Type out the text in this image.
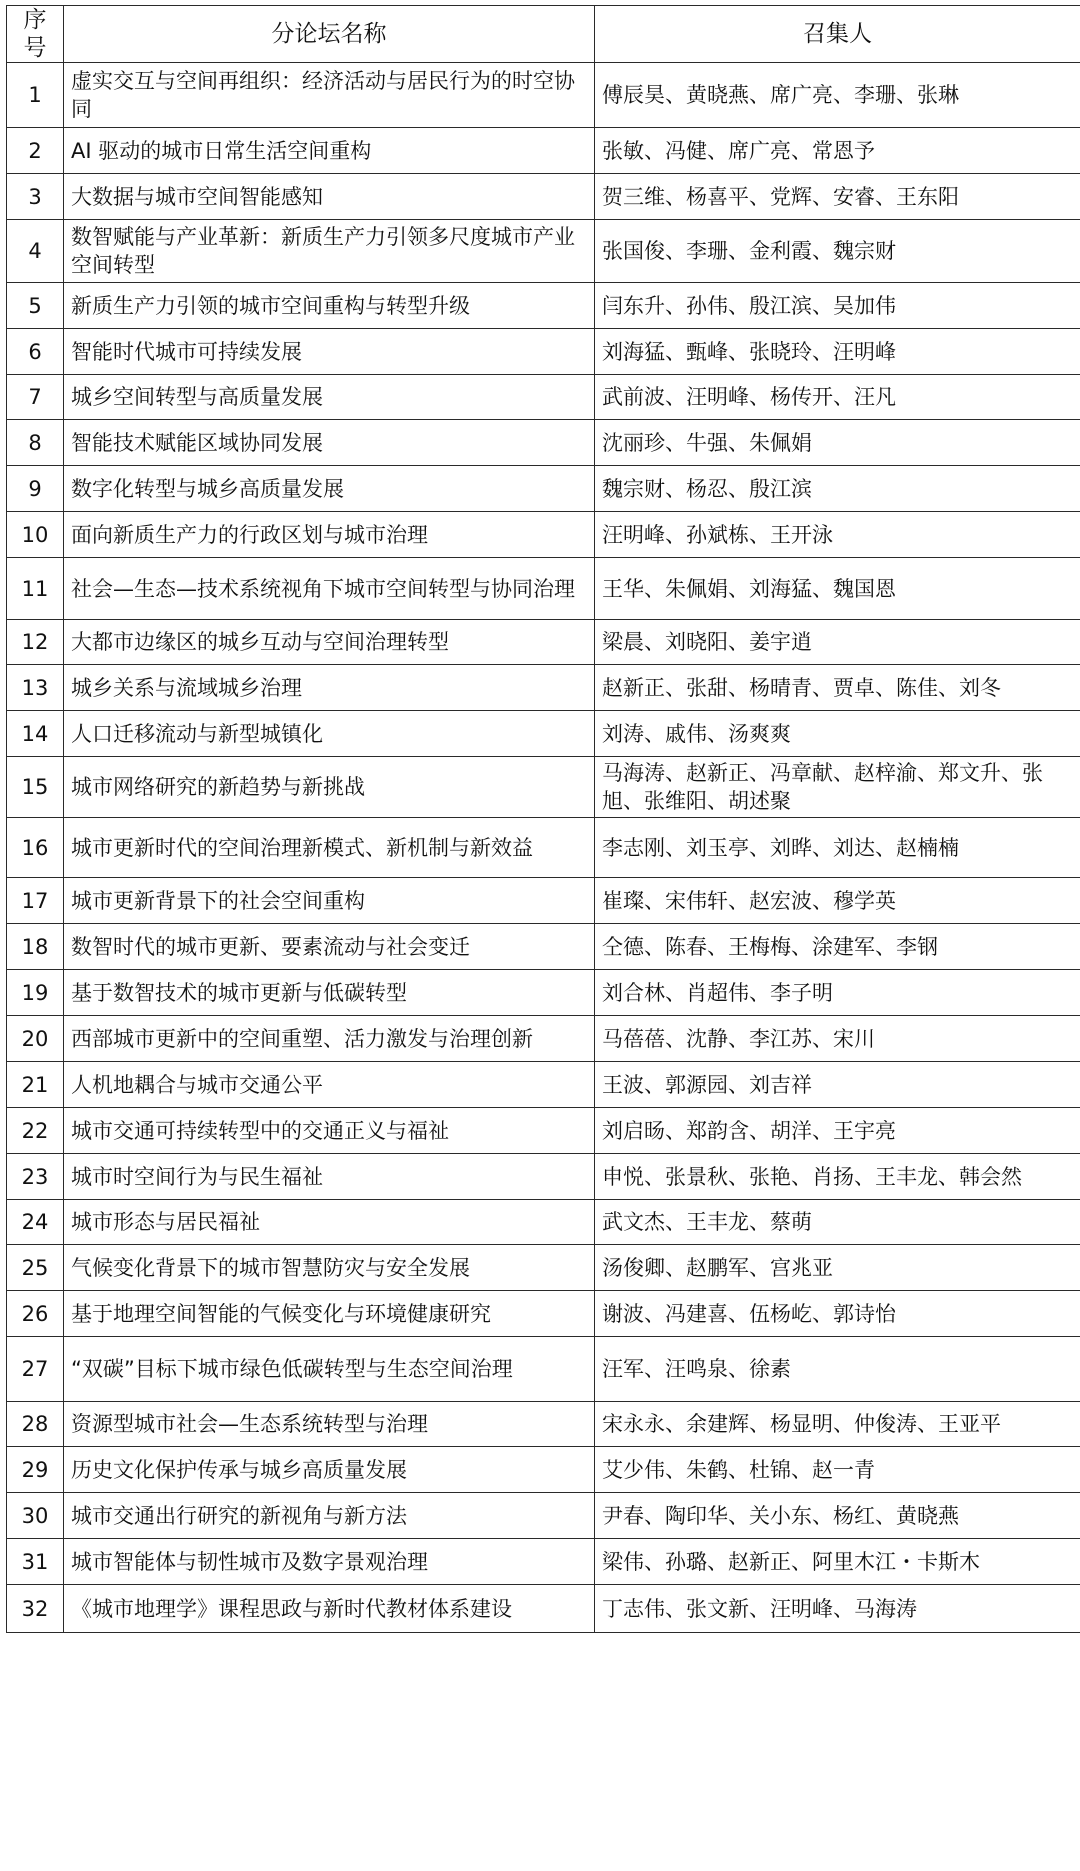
序号	分论坛名称	召集人
1	虚实交互与空间再组织：经济活动与居民行为的时空协同	傅辰昊、黄晓燕、席广亮、李珊、张琳
2	AI 驱动的城市日常生活空间重构	张敏、冯健、席广亮、常恩予
3	大数据与城市空间智能感知	贺三维、杨喜平、党辉、安睿、王东阳
4	数智赋能与产业革新：新质生产力引领多尺度城市产业空间转型	张国俊、李珊、金利霞、魏宗财
5	新质生产力引领的城市空间重构与转型升级	闫东升、孙伟、殷江滨、吴加伟
6	智能时代城市可持续发展	刘海猛、甄峰、张晓玲、汪明峰
7	城乡空间转型与高质量发展	武前波、汪明峰、杨传开、汪凡
8	智能技术赋能区域协同发展	沈丽珍、牛强、朱佩娟
9	数字化转型与城乡高质量发展	魏宗财、杨忍、殷江滨
10	面向新质生产力的行政区划与城市治理	汪明峰、孙斌栋、王开泳
11	社会—生态—技术系统视角下城市空间转型与协同治理	王华、朱佩娟、刘海猛、魏国恩
12	大都市边缘区的城乡互动与空间治理转型	梁晨、刘晓阳、姜宇逍
13	城乡关系与流域城乡治理	赵新正、张甜、杨晴青、贾卓、陈佳、刘冬
14	人口迁移流动与新型城镇化	刘涛、戚伟、汤爽爽
15	城市网络研究的新趋势与新挑战	马海涛、赵新正、冯章献、赵梓渝、郑文升、张旭、张维阳、胡述聚
16	城市更新时代的空间治理新模式、新机制与新效益	李志刚、刘玉亭、刘晔、刘达、赵楠楠
17	城市更新背景下的社会空间重构	崔璨、宋伟轩、赵宏波、穆学英
18	数智时代的城市更新、要素流动与社会变迁	仝德、陈春、王梅梅、涂建军、李钢
19	基于数智技术的城市更新与低碳转型	刘合林、肖超伟、李子明
20	西部城市更新中的空间重塑、活力激发与治理创新	马蓓蓓、沈静、李江苏、宋川
21	人机地耦合与城市交通公平	王波、郭源园、刘吉祥
22	城市交通可持续转型中的交通正义与福祉	刘启旸、郑韵含、胡洋、王宇亮
23	城市时空间行为与民生福祉	申悦、张景秋、张艳、肖扬、王丰龙、韩会然
24	城市形态与居民福祉	武文杰、王丰龙、蔡萌
25	气候变化背景下的城市智慧防灾与安全发展	汤俊卿、赵鹏军、宫兆亚
26	基于地理空间智能的气候变化与环境健康研究	谢波、冯建喜、伍杨屹、郭诗怡
27	“双碳”目标下城市绿色低碳转型与生态空间治理	汪军、汪鸣泉、徐素
28	资源型城市社会—生态系统转型与治理	宋永永、余建辉、杨显明、仲俊涛、王亚平
29	历史文化保护传承与城乡高质量发展	艾少伟、朱鹤、杜锦、赵一青
30	城市交通出行研究的新视角与新方法	尹春、陶印华、关小东、杨红、黄晓燕
31	城市智能体与韧性城市及数字景观治理	梁伟、孙璐、赵新正、阿里木江・卡斯木
32	《城市地理学》课程思政与新时代教材体系建设	丁志伟、张文新、汪明峰、马海涛
